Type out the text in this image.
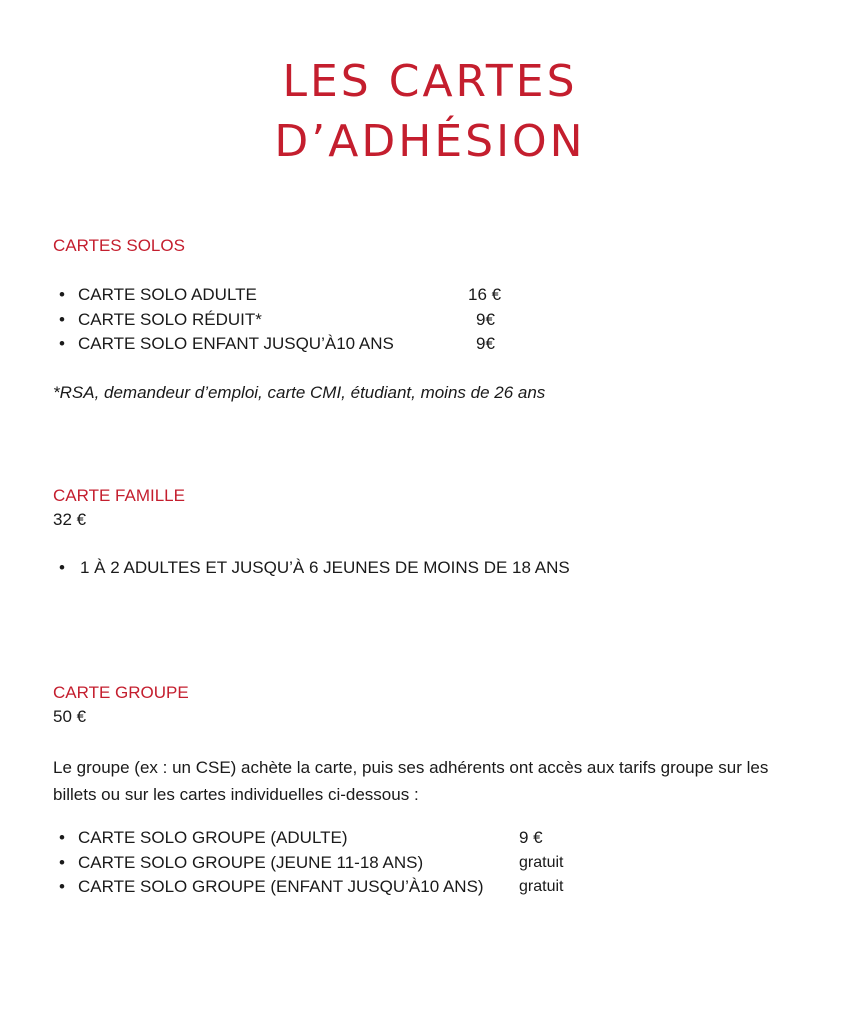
LES CARTES
D’ADHÉSION
CARTES SOLOS
• CARTE SOLO ADULTE	16 €
• CARTE SOLO RÉDUIT*	9€
• CARTE SOLO ENFANT JUSQU’À10 ANS	9€
*RSA, demandeur d’emploi, carte CMI, étudiant, moins de 26 ans
CARTE FAMILLE
32 €
• 1 À 2 ADULTES ET JUSQU’À 6 JEUNES DE MOINS DE 18 ANS
CARTE GROUPE
50 €
Le groupe (ex : un CSE) achète la carte, puis ses adhérents ont accès aux tarifs groupe sur les billets ou sur les cartes individuelles ci-dessous :
• CARTE SOLO GROUPE (ADULTE)	9 €
• CARTE SOLO GROUPE (JEUNE 11-18 ANS)	gratuit
• CARTE SOLO GROUPE (ENFANT JUSQU’À10 ANS) gratuit
